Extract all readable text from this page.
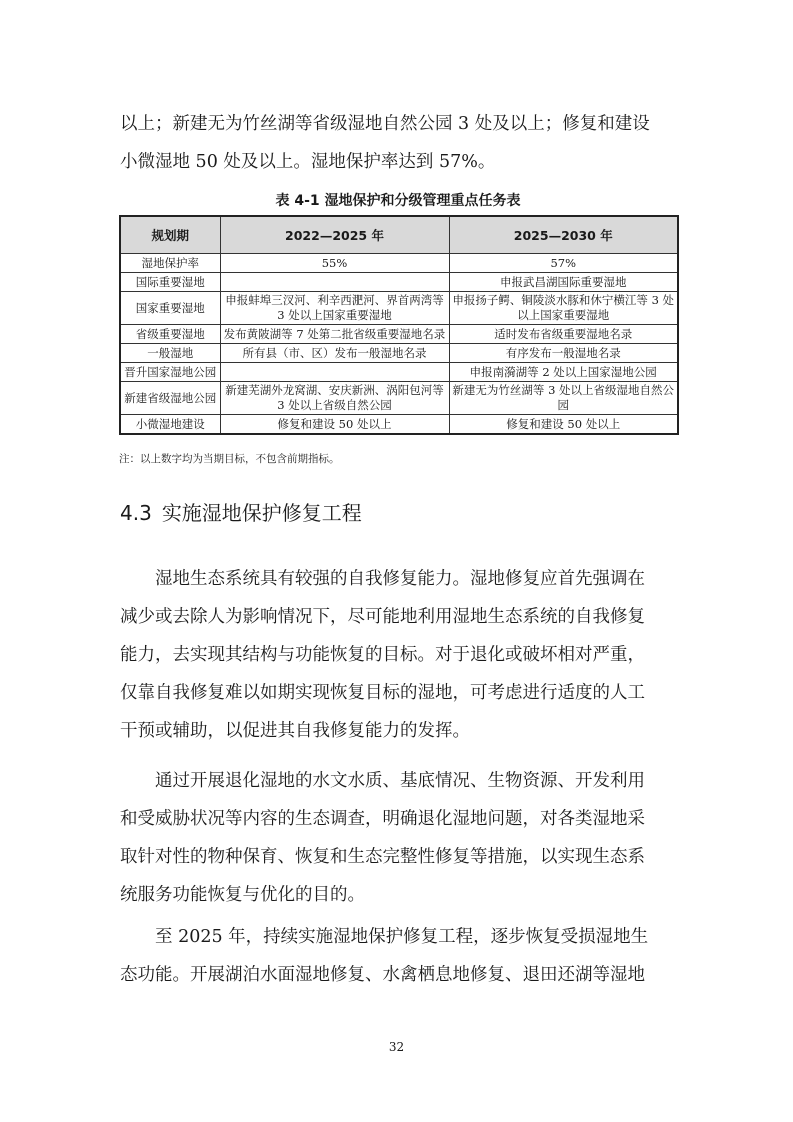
以上；新建无为竹丝湖等省级湿地自然公园 3 处及以上；修复和建设
小微湿地 50 处及以上。湿地保护率达到 57%。
表 4-1 湿地保护和分级管理重点任务表
规划期	2022—2025 年	2025—2030 年
湿地保护率	55%	57%
国际重要湿地		申报武昌湖国际重要湿地
国家重要湿地	申报蚌埠三汊河、利辛西淝河、界首两湾等 3 处以上国家重要湿地	申报扬子鳄、铜陵淡水豚和休宁横江等 3 处以上国家重要湿地
省级重要湿地	发布黄陂湖等 7 处第二批省级重要湿地名录	适时发布省级重要湿地名录
一般湿地	所有县（市、区）发布一般湿地名录	有序发布一般湿地名录
晋升国家湿地公园		申报南漪湖等 2 处以上国家湿地公园
新建省级湿地公园	新建芜湖外龙窝湖、安庆新洲、涡阳包河等 3 处以上省级自然公园	新建无为竹丝湖等 3 处以上省级湿地自然公园
小微湿地建设	修复和建设 50 处以上	修复和建设 50 处以上
注：以上数字均为当期目标，不包含前期指标。
4.3 实施湿地保护修复工程
湿地生态系统具有较强的自我修复能力。湿地修复应首先强调在
减少或去除人为影响情况下，尽可能地利用湿地生态系统的自我修复
能力，去实现其结构与功能恢复的目标。对于退化或破坏相对严重，
仅靠自我修复难以如期实现恢复目标的湿地，可考虑进行适度的人工
干预或辅助，以促进其自我修复能力的发挥。
通过开展退化湿地的水文水质、基底情况、生物资源、开发利用
和受威胁状况等内容的生态调查，明确退化湿地问题，对各类湿地采
取针对性的物种保育、恢复和生态完整性修复等措施，以实现生态系
统服务功能恢复与优化的目的。
至 2025 年，持续实施湿地保护修复工程，逐步恢复受损湿地生
态功能。开展湖泊水面湿地修复、水禽栖息地修复、退田还湖等湿地
32
